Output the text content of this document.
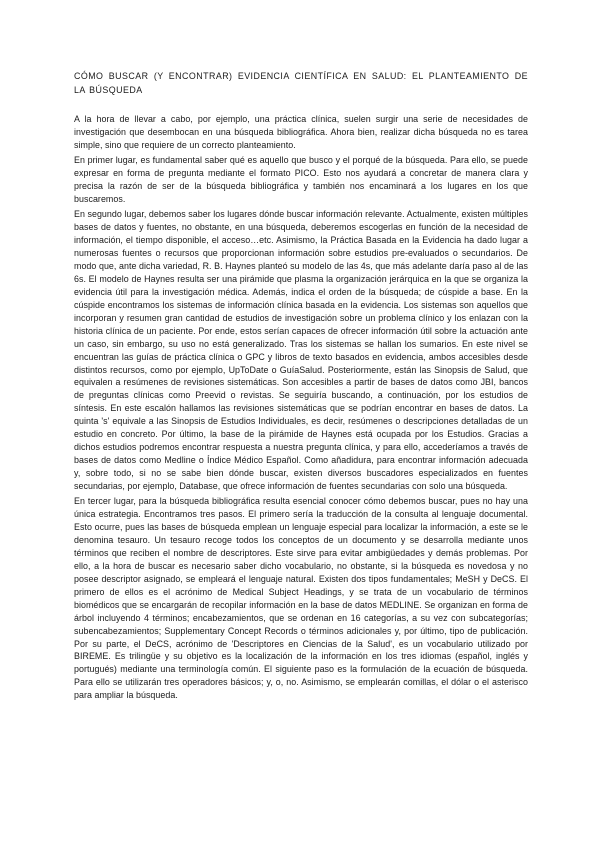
CÓMO BUSCAR (Y ENCONTRAR) EVIDENCIA CIENTÍFICA EN SALUD: EL PLANTEAMIENTO DE LA BÚSQUEDA

A la hora de llevar a cabo, por ejemplo, una práctica clínica, suelen surgir una serie de necesidades de investigación que desembocan en una búsqueda bibliográfica. Ahora bien, realizar dicha búsqueda no es tarea simple, sino que requiere de un correcto planteamiento.

En primer lugar, es fundamental saber qué es aquello que busco y el porqué de la búsqueda. Para ello, se puede expresar en forma de pregunta mediante el formato PICO. Esto nos ayudará a concretar de manera clara y precisa la razón de ser de la búsqueda bibliográfica y también nos encaminará a los lugares en los que buscaremos.

En segundo lugar, debemos saber los lugares dónde buscar información relevante. Actualmente, existen múltiples bases de datos y fuentes, no obstante, en una búsqueda, deberemos escogerlas en función de la necesidad de información, el tiempo disponible, el acceso…etc. Asimismo, la Práctica Basada en la Evidencia ha dado lugar a numerosas fuentes o recursos que proporcionan información sobre estudios pre-evaluados o secundarios. De modo que, ante dicha variedad, R. B. Haynes planteó su modelo de las 4s, que más adelante daría paso al de las 6s. El modelo de Haynes resulta ser una pirámide que plasma la organización jerárquica en la que se organiza la evidencia útil para la investigación médica. Además, indica el orden de la búsqueda; de cúspide a base. En la cúspide encontramos los sistemas de información clínica basada en la evidencia. Los sistemas son aquellos que incorporan y resumen gran cantidad de estudios de investigación sobre un problema clínico y los enlazan con la historia clínica de un paciente. Por ende, estos serían capaces de ofrecer información útil sobre la actuación ante un caso, sin embargo, su uso no está generalizado. Tras los sistemas se hallan los sumarios. En este nivel se encuentran las guías de práctica clínica o GPC y libros de texto basados en evidencia, ambos accesibles desde distintos recursos, como por ejemplo, UpToDate o GuíaSalud. Posteriormente, están las Sinopsis de Salud, que equivalen a resúmenes de revisiones sistemáticas. Son accesibles a partir de bases de datos como JBI, bancos de preguntas clínicas como Preevid o revistas. Se seguiría buscando, a continuación, por los estudios de síntesis. En este escalón hallamos las revisiones sistemáticas que se podrían encontrar en bases de datos. La quinta 's' equivale a las Sinopsis de Estudios Individuales, es decir, resúmenes o descripciones detalladas de un estudio en concreto. Por último, la base de la pirámide de Haynes está ocupada por los Estudios. Gracias a dichos estudios podremos encontrar respuesta a nuestra pregunta clínica, y para ello, accederíamos a través de bases de datos como Medline o Índice Médico Español. Como añadidura, para encontrar información adecuada y, sobre todo, si no se sabe bien dónde buscar, existen diversos buscadores especializados en fuentes secundarias, por ejemplo, Database, que ofrece información de fuentes secundarias con solo una búsqueda.

En tercer lugar, para la búsqueda bibliográfica resulta esencial conocer cómo debemos buscar, pues no hay una única estrategia. Encontramos tres pasos. El primero sería la traducción de la consulta al lenguaje documental. Esto ocurre, pues las bases de búsqueda emplean un lenguaje especial para localizar la información, a este se le denomina tesauro. Un tesauro recoge todos los conceptos de un documento y se desarrolla mediante unos términos que reciben el nombre de descriptores. Este sirve para evitar ambigüedades y demás problemas. Por ello, a la hora de buscar es necesario saber dicho vocabulario, no obstante, si la búsqueda es novedosa y no posee descriptor asignado, se empleará el lenguaje natural. Existen dos tipos fundamentales; MeSH y DeCS. El primero de ellos es el acrónimo de Medical Subject Headings, y se trata de un vocabulario de términos biomédicos que se encargarán de recopilar información en la base de datos MEDLINE. Se organizan en forma de árbol incluyendo 4 términos; encabezamientos, que se ordenan en 16 categorías, a su vez con subcategorías; subencabezamientos; Supplementary Concept Records o términos adicionales y, por último, tipo de publicación. Por su parte, el DeCS, acrónimo de 'Descriptores en Ciencias de la Salud', es un vocabulario utilizado por BIREME. Es trilingüe y su objetivo es la localización de la información en los tres idiomas (español, inglés y portugués) mediante una terminología común. El siguiente paso es la formulación de la ecuación de búsqueda. Para ello se utilizarán tres operadores básicos; y, o, no. Asimismo, se emplearán comillas, el dólar o el asterisco para ampliar la búsqueda.
